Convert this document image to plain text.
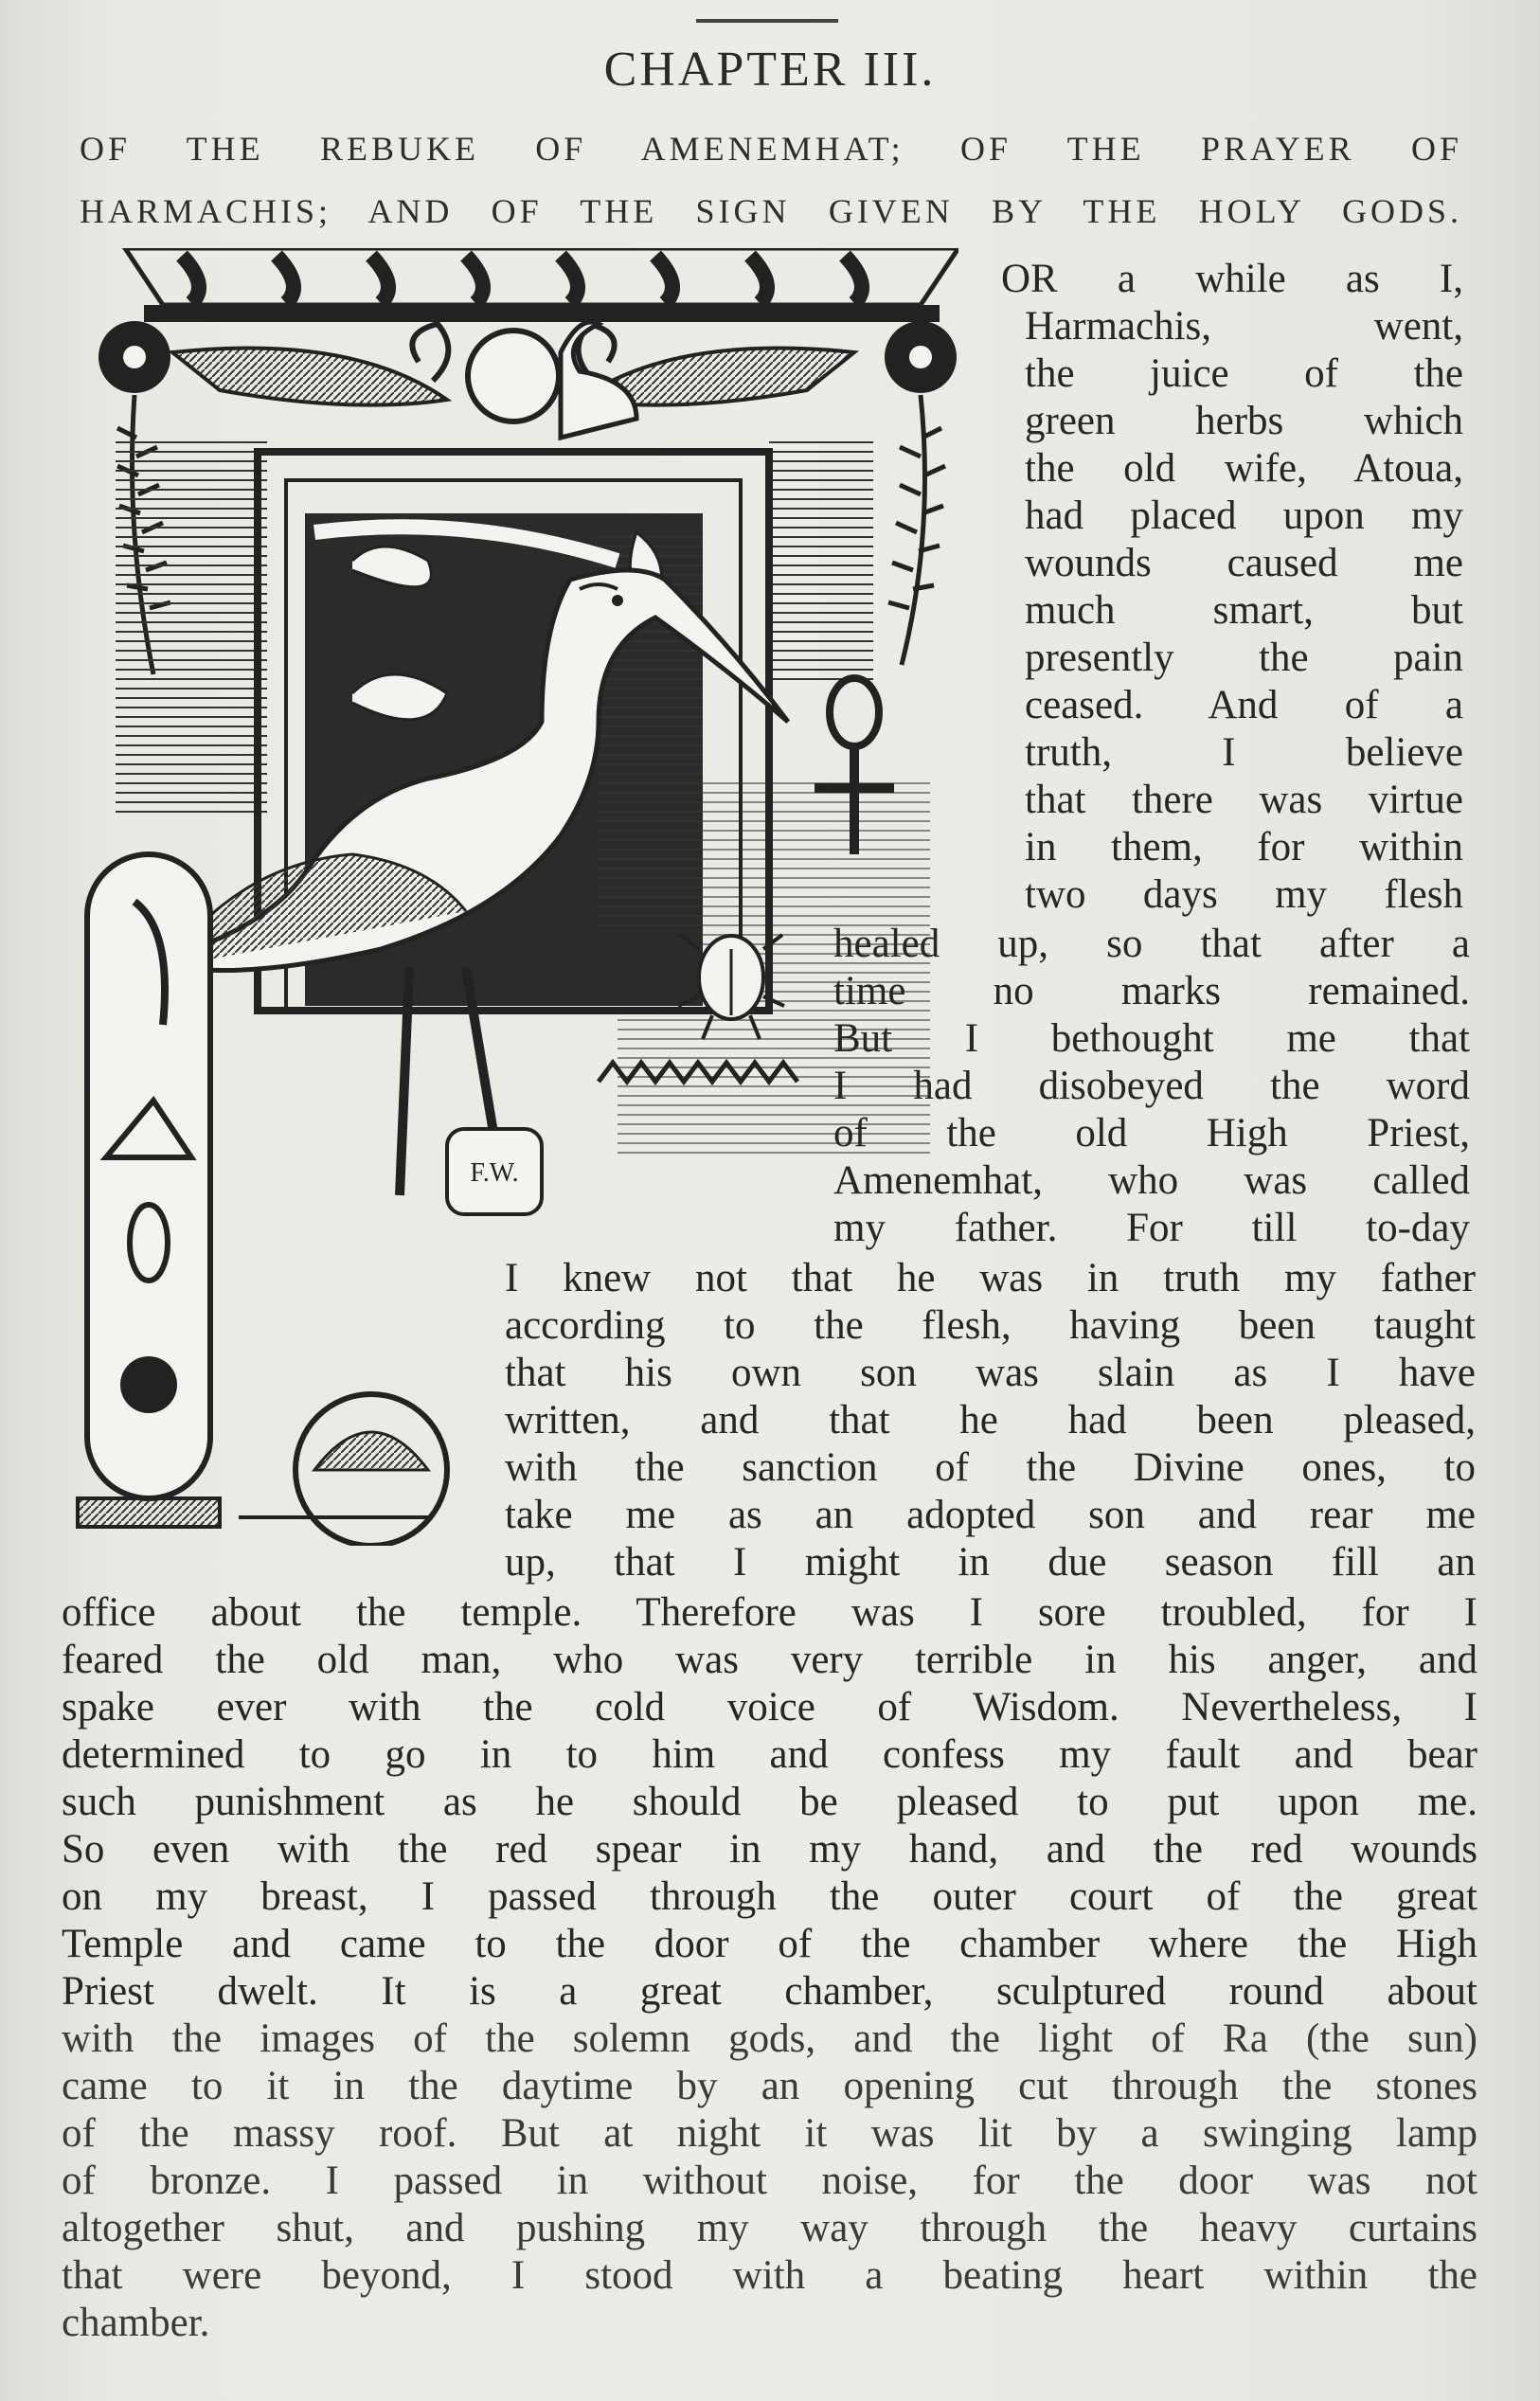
CHAPTER III.
OF THE REBUKE OF AMENEMHAT; OF THE PRAYER OF
HARMACHIS; AND OF THE SIGN GIVEN BY THE HOLY GODS.
F.W.
OR a while as I,
Harmachis, went,
the juice of the
green herbs which
the old wife, Atoua,
had placed upon my
wounds caused me
much smart, but
presently the pain
ceased. And of a
truth, I believe
that there was virtue
in them, for within
two days my flesh
healed up, so that after a
time no marks remained.
But I bethought me that
I had disobeyed the word
of the old High Priest,
Amenemhat, who was called
my father. For till to-day
I knew not that he was in truth my father
according to the flesh, having been taught
that his own son was slain as I have
written, and that he had been pleased,
with the sanction of the Divine ones, to
take me as an adopted son and rear me
up, that I might in due season fill an
office about the temple. Therefore was I sore troubled, for I
feared the old man, who was very terrible in his anger, and
spake ever with the cold voice of Wisdom. Nevertheless, I
determined to go in to him and confess my fault and bear
such punishment as he should be pleased to put upon me.
So even with the red spear in my hand, and the red wounds
on my breast, I passed through the outer court of the great
Temple and came to the door of the chamber where the High
Priest dwelt. It is a great chamber, sculptured round about
with the images of the solemn gods, and the light of Ra (the sun)
came to it in the daytime by an opening cut through the stones
of the massy roof. But at night it was lit by a swinging lamp
of bronze. I passed in without noise, for the door was not
altogether shut, and pushing my way through the heavy curtains
that were beyond, I stood with a beating heart within the
chamber.
